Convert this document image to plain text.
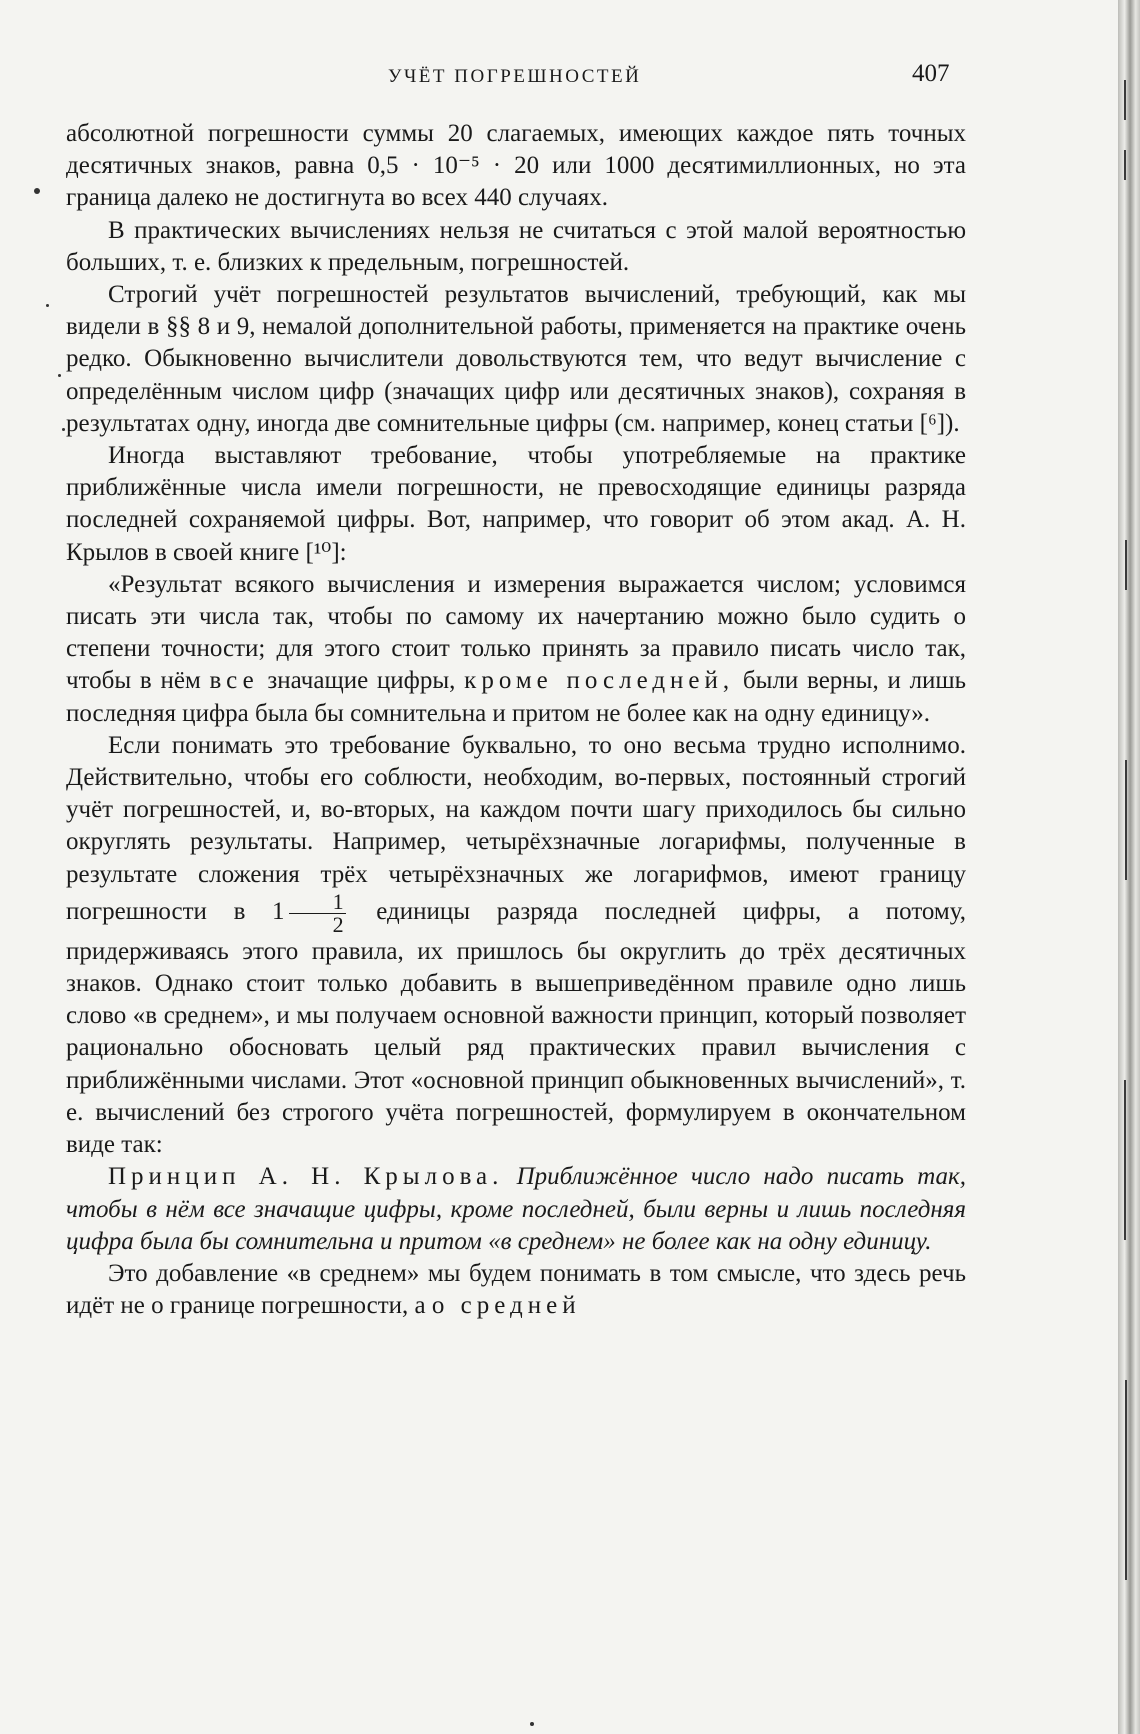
УЧЁТ ПОГРЕШНОСТЕЙ	407

абсолютной погрешности суммы 20 слагаемых, имеющих каждое пять точных десятичных знаков, равна 0,5 · 10⁻⁵ · 20 или 1000 десятимиллионных, но эта граница далеко не достигнута во всех 440 случаях.

В практических вычислениях нельзя не считаться с этой малой вероятностью больших, т. е. близких к предельным, погрешностей.

Строгий учёт погрешностей результатов вычислений, требующий, как мы видели в §§ 8 и 9, немалой дополнительной работы, применяется на практике очень редко. Обыкновенно вычислители довольствуются тем, что ведут вычисление с определённым числом цифр (значащих цифр или десятичных знаков), сохраняя в результатах одну, иногда две сомнительные цифры (см. например, конец статьи [⁶]).

Иногда выставляют требование, чтобы употребляемые на практике приближённые числа имели погрешности, не превосходящие единицы разряда последней сохраняемой цифры. Вот, например, что говорит об этом акад. А. Н. Крылов в своей книге [¹⁰]:

«Результат всякого вычисления и измерения выражается числом; условимся писать эти числа так, чтобы по самому их начертанию можно было судить о степени точности; для этого стоит только принять за правило писать число так, чтобы в нём все значащие цифры, кроме последней, были верны, и лишь последняя цифра была бы сомнительна и притом не более как на одну единицу».

Если понимать это требование буквально, то оно весьма трудно исполнимо. Действительно, чтобы его соблюсти, необходим, во-первых, постоянный строгий учёт погрешностей, и, во-вторых, на каждом почти шагу приходилось бы сильно округлять результаты. Например, четырёхзначные логарифмы, полученные в результате сложения трёх четырёхзначных же логарифмов, имеют границу погрешности в $1 \frac{1}{2}$ единицы разряда последней цифры, а потому, придерживаясь этого правила, их пришлось бы округлить до трёх десятичных знаков. Однако стоит только добавить в вышеприведённом правиле одно лишь слово «в среднем», и мы получаем основной важности принцип, который позволяет рационально обосновать целый ряд практических правил вычисления с приближёнными числами. Этот «основной принцип обыкновенных вычислений», т. е. вычислений без строгого учёта погрешностей, формулируем в окончательном виде так:

Принцип А. Н. Крылова. Приближённое число надо писать так, чтобы в нём все значащие цифры, кроме последней, были верны и лишь последняя цифра была бы сомнительна и притом «в среднем» не более как на одну единицу.

Это добавление «в среднем» мы будем понимать в том смысле, что здесь речь идёт не о границе погрешности, а о средней
